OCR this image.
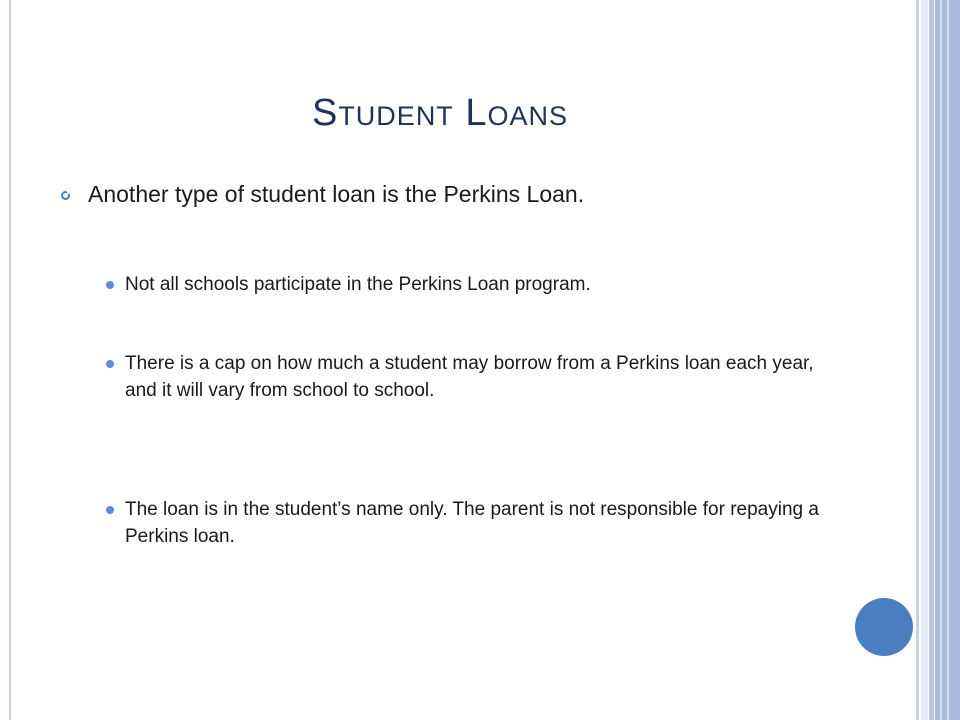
Student Loans
Another type of student loan is the Perkins Loan.
Not all schools participate in the Perkins Loan program.
There is a cap on how much a student may borrow from a Perkins loan each year, and it will vary from school to school.
The loan is in the student’s name only. The parent is not responsible for repaying a Perkins loan.
